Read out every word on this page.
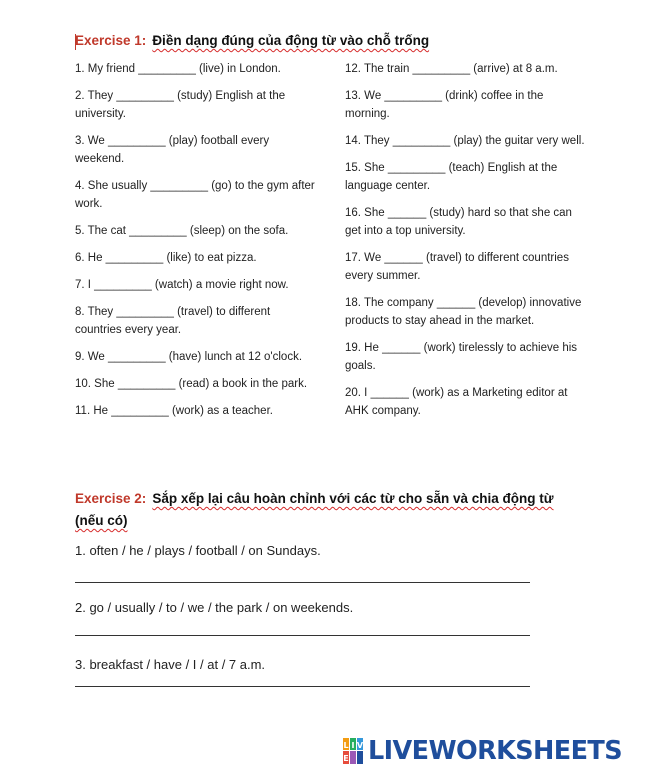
Exercise 1: Điền dạng đúng của động từ vào chỗ trống
1. My friend _________ (live) in London.
2. They _________ (study) English at the university.
3. We _________ (play) football every weekend.
4. She usually _________ (go) to the gym after work.
5. The cat _________ (sleep) on the sofa.
6. He _________ (like) to eat pizza.
7. I _________ (watch) a movie right now.
8. They _________ (travel) to different countries every year.
9. We _________ (have) lunch at 12 o'clock.
10. She _________ (read) a book in the park.
11. He _________ (work) as a teacher.
12. The train _________ (arrive) at 8 a.m.
13. We _________ (drink) coffee in the morning.
14. They _________ (play) the guitar very well.
15. She _________ (teach) English at the language center.
16. She ______ (study) hard so that she can get into a top university.
17. We ______ (travel) to different countries every summer.
18. The company ______ (develop) innovative products to stay ahead in the market.
19. He ______ (work) tirelessly to achieve his goals.
20. I ______ (work) as a Marketing editor at AHK company.
Exercise 2: Sắp xếp lại câu hoàn chỉnh với các từ cho sẵn và chia động từ (nếu có)
1. often / he / plays / football / on Sundays.
2. go / usually / to / we / the park / on weekends.
3. breakfast / have / I / at / 7 a.m.
L I V
E LIVEWORKSHEETS
